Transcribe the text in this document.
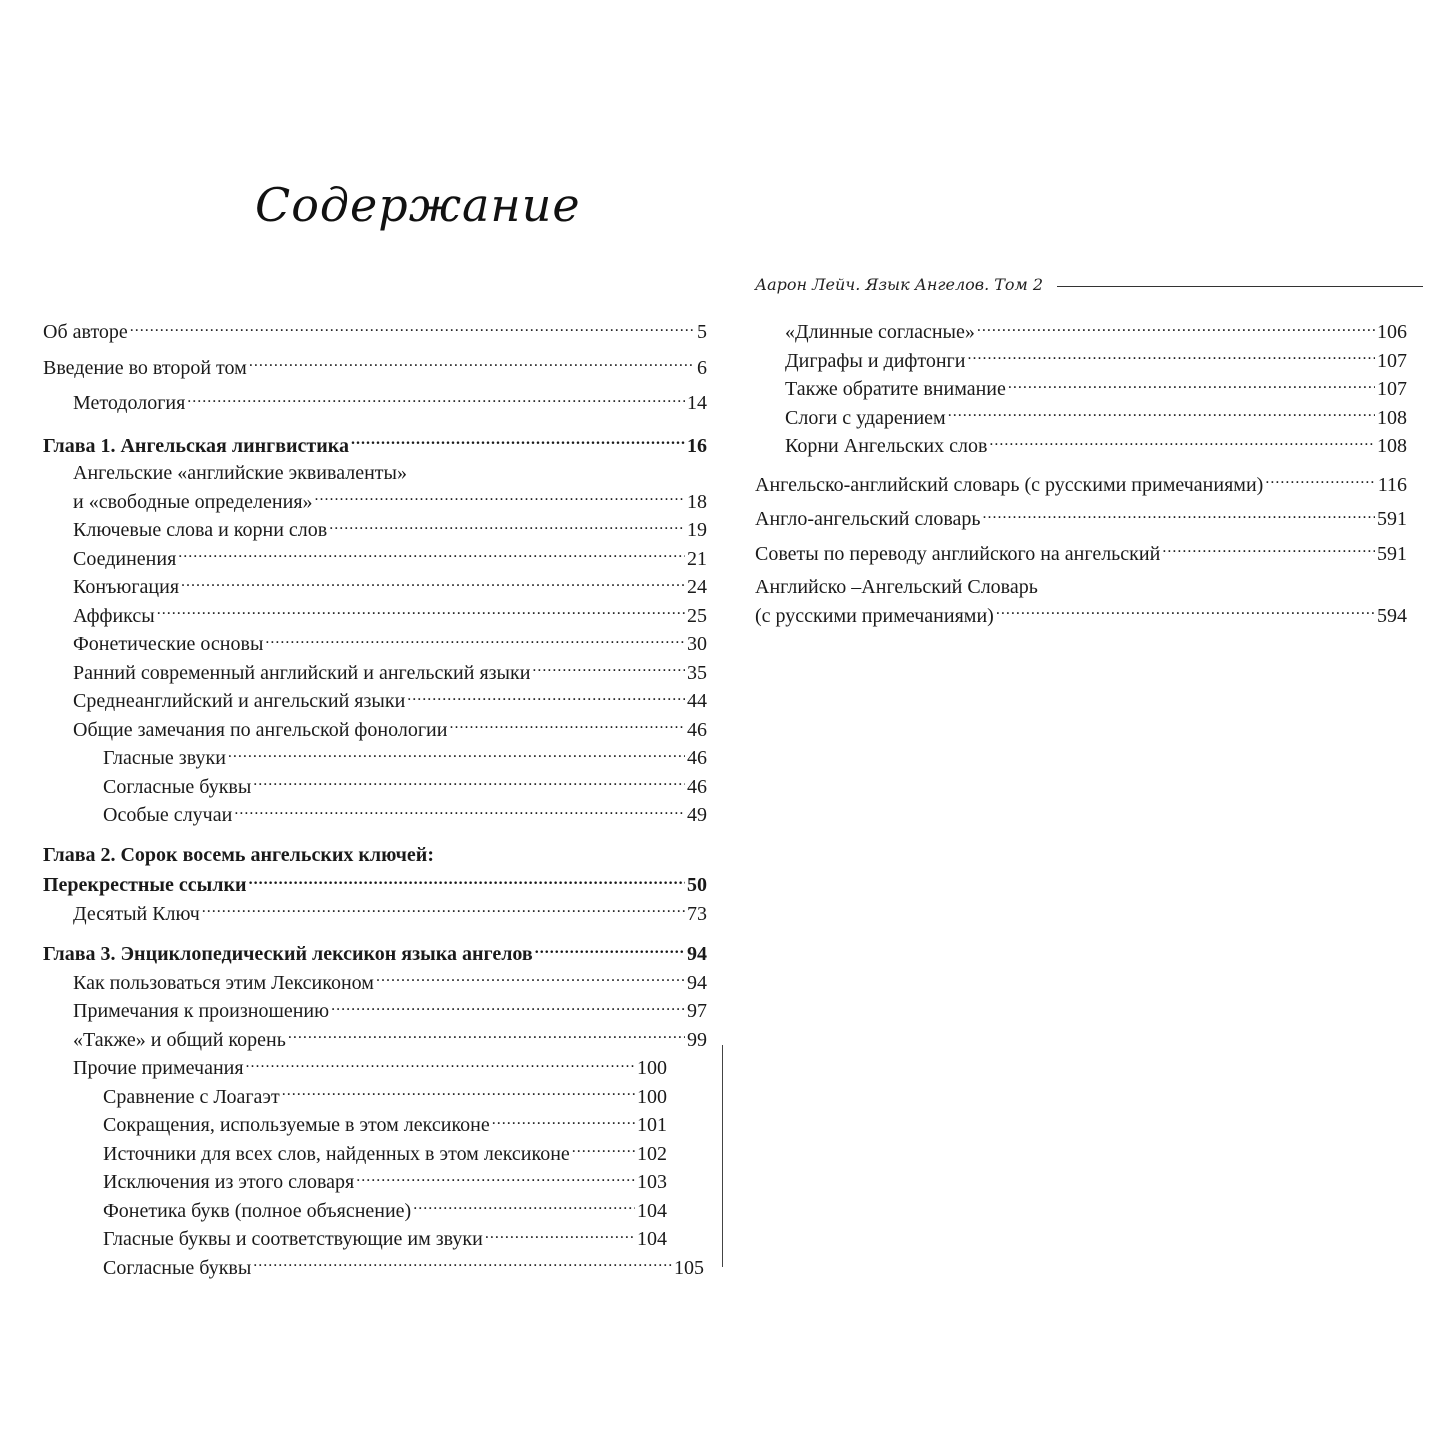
Содержание
Аарон Лейч. Язык Ангелов. Том 2
Об авторе .....	5
Введение во второй том .....	6
Методология .....	14
Глава 1. Ангельская лингвистика .....	16
Ангельские «английские эквиваленты»
и «свободные определения» .....	18
Ключевые слова и корни слов .....	19
Соединения .....	21
Конъюгация .....	24
Аффиксы .....	25
Фонетические основы .....	30
Ранний современный английский и ангельский языки .....	35
Среднеанглийский и ангельский языки .....	44
Общие замечания по ангельской фонологии .....	46
Гласные звуки .....	46
Согласные буквы .....	46
Особые случаи .....	49
Глава 2. Сорок восемь ангельских ключей:
Перекрестные ссылки .....	50
Десятый Ключ .....	73
Глава 3. Энциклопедический лексикон языка ангелов .....	94
Как пользоваться этим Лексиконом .....	94
Примечания к произношению .....	97
«Также» и общий корень .....	99
Прочие примечания .....	100
Сравнение с Лоагаэт .....	100
Сокращения, используемые в этом лексиконе .....	101
Источники для всех слов, найденных в этом лексиконе .....	102
Исключения из этого словаря .....	103
Фонетика букв (полное объяснение) .....	104
Гласные буквы и соответствующие им звуки .....	104
Согласные буквы .....	105
«Длинные согласные» .....	106
Диграфы и дифтонги .....	107
Также обратите внимание .....	107
Слоги с ударением .....	108
Корни Ангельских слов .....	108
Ангельско-английский словарь (с русскими примечаниями) .....	116
Англо-ангельский словарь .....	591
Советы по переводу английского на ангельский .....	591
Английско –Ангельский Словарь
(с русскими примечаниями) .....	594
